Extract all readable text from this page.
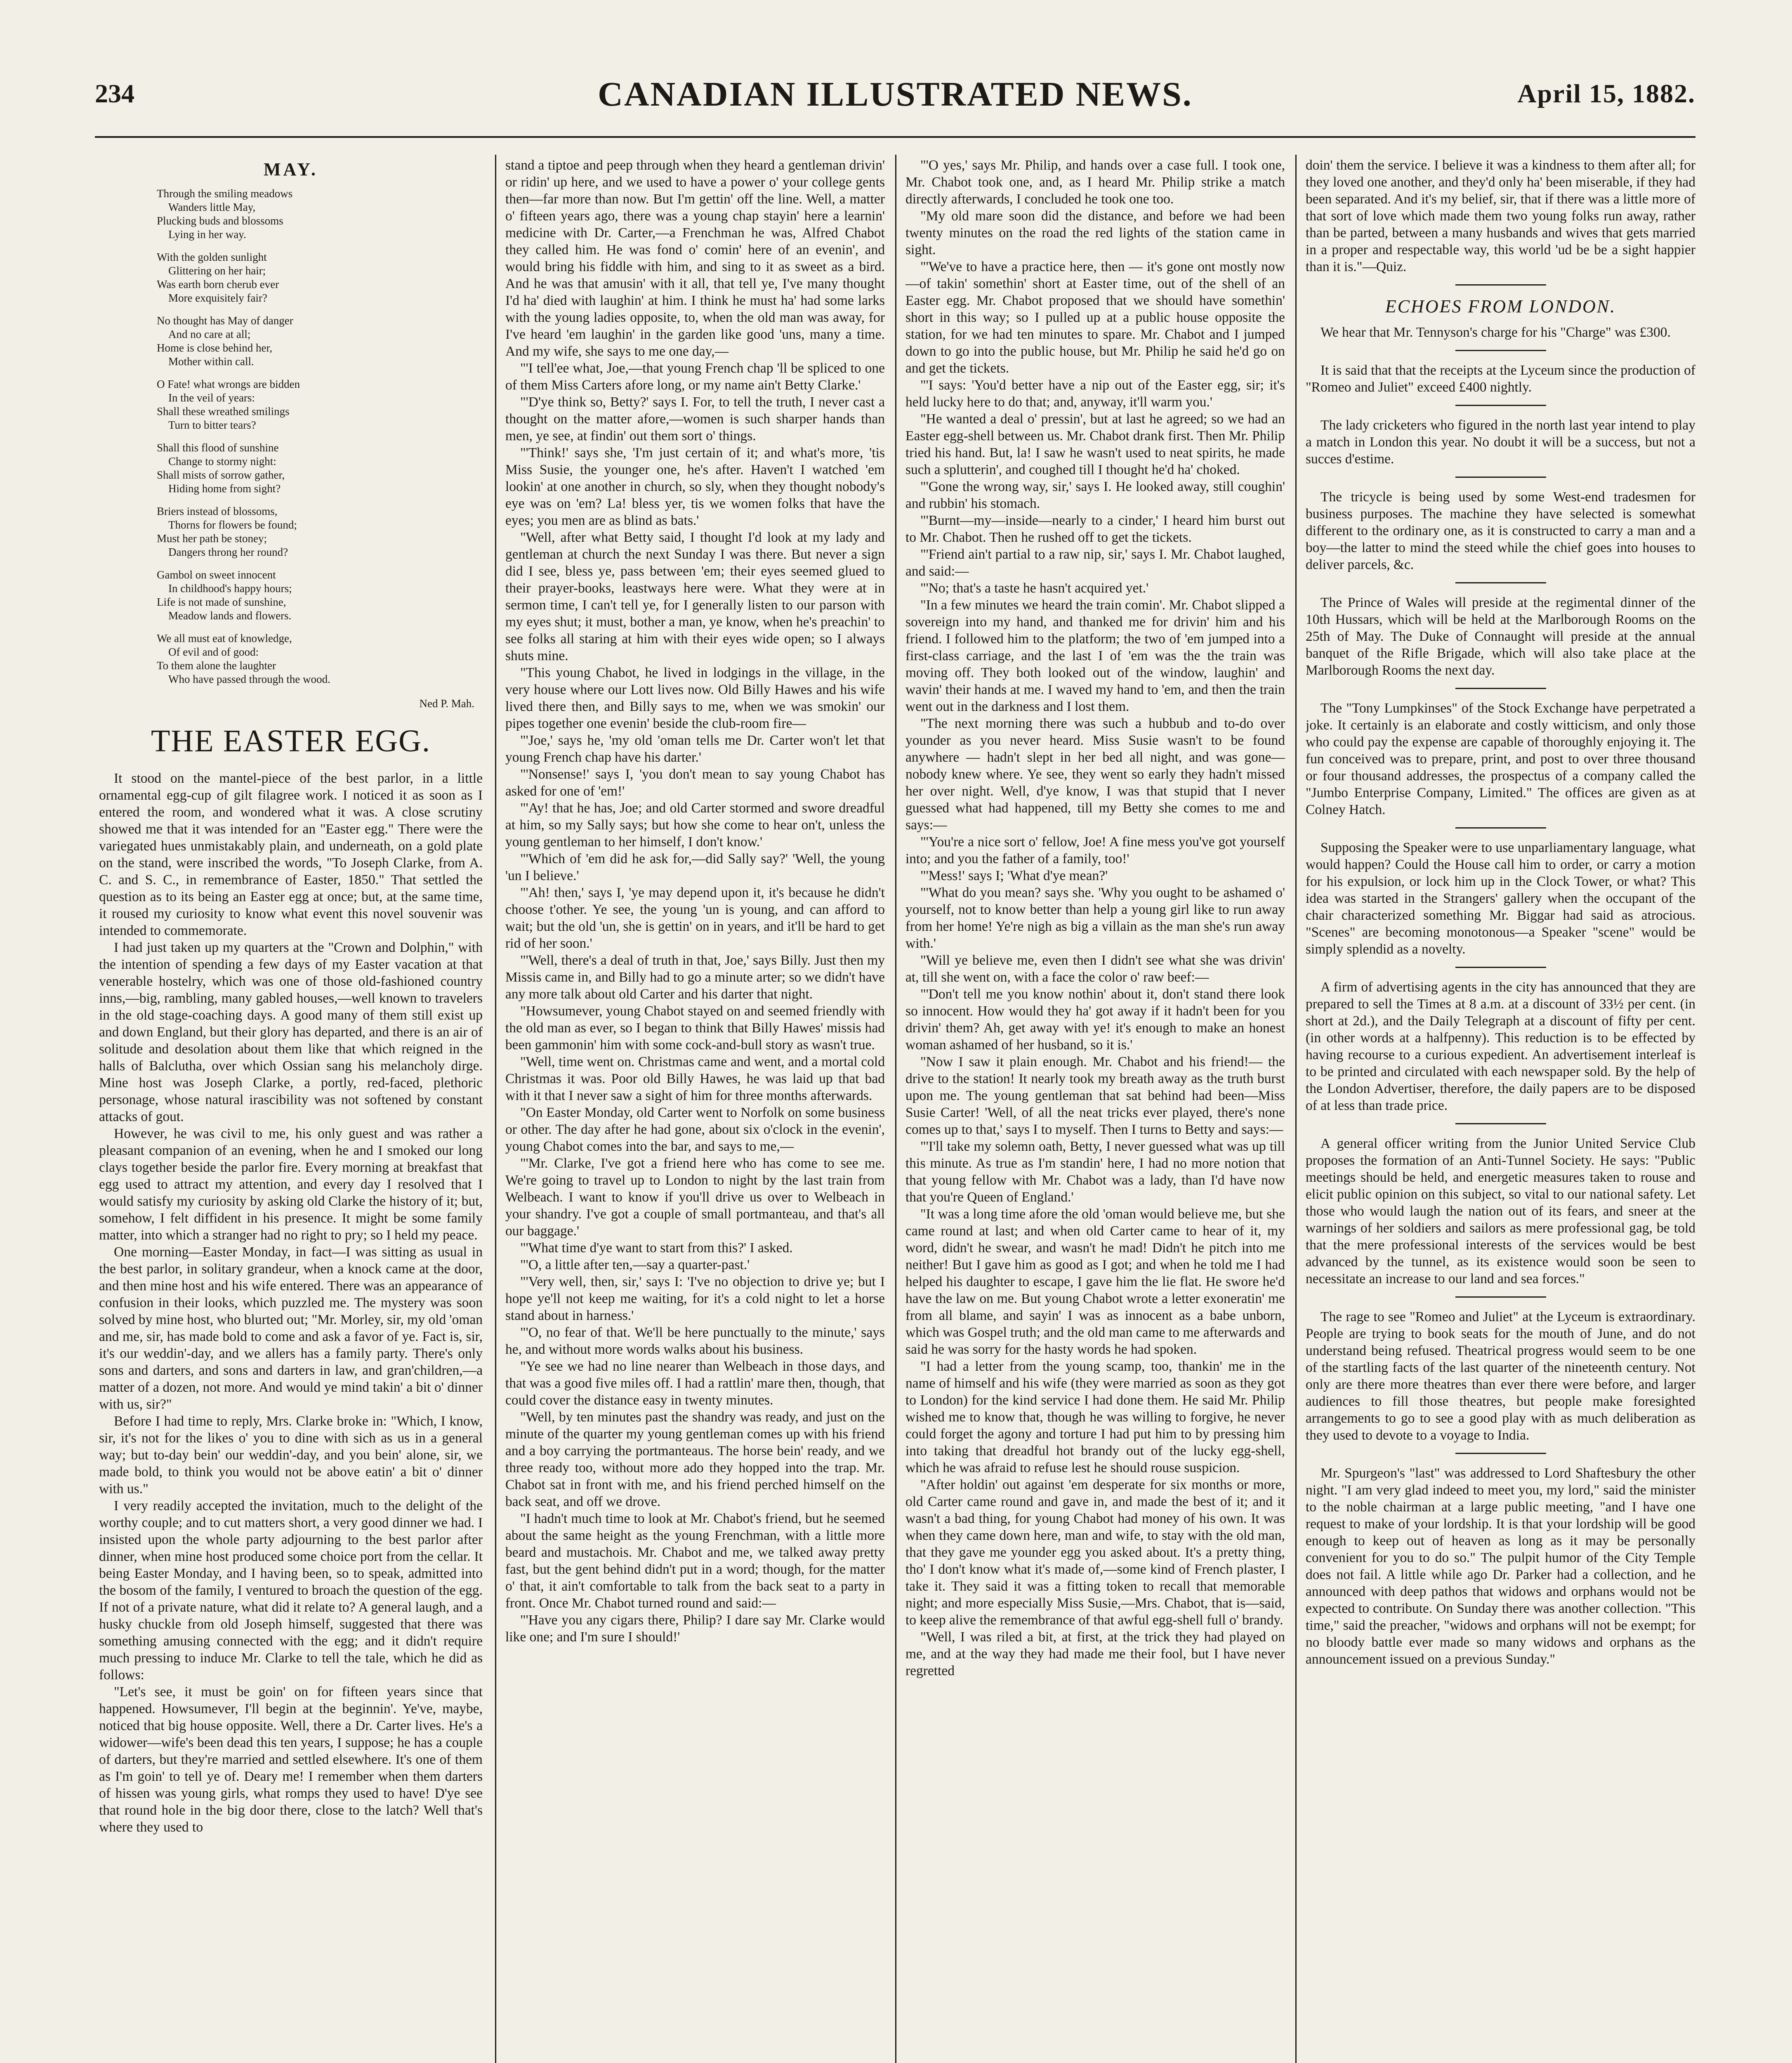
234	CANADIAN ILLUSTRATED NEWS.	April 15, 1882.
MAY.
Through the smiling meadows
Wanders little May,
Plucking buds and blossoms
Lying in her way.
With the golden sunlight
Glittering on her hair;
Was earth born cherub ever
More exquisitely fair?
No thought has May of danger
And no care at all;
Home is close behind her,
Mother within call.
O Fate! what wrongs are bidden
In the veil of years:
Shall these wreathed smilings
Turn to bitter tears?
Shall this flood of sunshine
Change to stormy night:
Shall mists of sorrow gather,
Hiding home from sight?
Briers instead of blossoms,
Thorns for flowers be found;
Must her path be stoney;
Dangers throng her round?
Gambol on sweet innocent
In childhood's happy hours;
Life is not made of sunshine,
Meadow lands and flowers.
We all must eat of knowledge,
Of evil and of good:
To them alone the laughter
Who have passed through the wood.
Ned P. Mah.
THE EASTER EGG.

It stood on the mantel-piece of the best parlor, in a little ornamental egg-cup of gilt filagree work. I noticed it as soon as I entered the room, and wondered what it was. A close scrutiny showed me that it was intended for an "Easter egg." There were the variegated hues unmistakably plain, and underneath, on a gold plate on the stand, were inscribed the words, "To Joseph Clarke, from A. C. and S. C., in remembrance of Easter, 1850." That settled the question as to its being an Easter egg at once; but, at the same time, it roused my curiosity to know what event this novel souvenir was intended to commemorate.

I had just taken up my quarters at the "Crown and Dolphin," with the intention of spending a few days of my Easter vacation at that venerable hostelry, which was one of those old-fashioned country inns,—big, rambling, many gabled houses,—well known to travelers in the old stage-coaching days. A good many of them still exist up and down England, but their glory has departed, and there is an air of solitude and desolation about them like that which reigned in the halls of Balclutha, over which Ossian sang his melancholy dirge. Mine host was Joseph Clarke, a portly, red-faced, plethoric personage, whose natural irascibility was not softened by constant attacks of gout.

However, he was civil to me, his only guest and was rather a pleasant companion of an evening, when he and I smoked our long clays together beside the parlor fire. Every morning at breakfast that egg used to attract my attention, and every day I resolved that I would satisfy my curiosity by asking old Clarke the history of it; but, somehow, I felt diffident in his presence. It might be some family matter, into which a stranger had no right to pry; so I held my peace.

One morning—Easter Monday, in fact—I was sitting as usual in the best parlor, in solitary grandeur, when a knock came at the door, and then mine host and his wife entered. There was an appearance of confusion in their looks, which puzzled me. The mystery was soon solved by mine host, who blurted out; "Mr. Morley, sir, my old 'oman and me, sir, has made bold to come and ask a favor of ye. Fact is, sir, it's our weddin'-day, and we allers has a family party. There's only sons and darters, and sons and darters in law, and gran'children,—a matter of a dozen, not more. And would ye mind takin' a bit o' dinner with us, sir?"

Before I had time to reply, Mrs. Clarke broke in: "Which, I know, sir, it's not for the likes o' you to dine with sich as us in a general way; but to-day bein' our weddin'-day, and you bein' alone, sir, we made bold, to think you would not be above eatin' a bit o' dinner with us."

I very readily accepted the invitation, much to the delight of the worthy couple; and to cut matters short, a very good dinner we had. I insisted upon the whole party adjourning to the best parlor after dinner, when mine host produced some choice port from the cellar. It being Easter Monday, and I having been, so to speak, admitted into the bosom of the family, I ventured to broach the question of the egg. If not of a private nature, what did it relate to? A general laugh, and a husky chuckle from old Joseph himself, suggested that there was something amusing connected with the egg; and it didn't require much pressing to induce Mr. Clarke to tell the tale, which he did as follows:

"Let's see, it must be goin' on for fifteen years since that happened. Howsumever, I'll begin at the beginnin'. Ye've, maybe, noticed that big house opposite. Well, there a Dr. Carter lives. He's a widower—wife's been dead this ten years, I suppose; he has a couple of darters, but they're married and settled elsewhere. It's one of them as I'm goin' to tell ye of. Deary me! I remember when them darters of hissen was young girls, what romps they used to have! D'ye see that round hole in the big door there, close to the latch? Well that's where they used to

stand a tiptoe and peep through when they heard a gentleman drivin' or ridin' up here, and we used to have a power o' your college gents then—far more than now. But I'm gettin' off the line. Well, a matter o' fifteen years ago, there was a young chap stayin' here a learnin' medicine with Dr. Carter,—a Frenchman he was, Alfred Chabot they called him. He was fond o' comin' here of an evenin', and would bring his fiddle with him, and sing to it as sweet as a bird. And he was that amusin' with it all, that tell ye, I've many thought I'd ha' died with laughin' at him. I think he must ha' had some larks with the young ladies opposite, to, when the old man was away, for I've heard 'em laughin' in the garden like good 'uns, many a time. And my wife, she says to me one day,—

"'I tell'ee what, Joe,—that young French chap 'll be spliced to one of them Miss Carters afore long, or my name ain't Betty Clarke.'

"'D'ye think so, Betty?' says I. For, to tell the truth, I never cast a thought on the matter afore,—women is such sharper hands than men, ye see, at findin' out them sort o' things.

"'Think!' says she, 'I'm just certain of it; and what's more, 'tis Miss Susie, the younger one, he's after. Haven't I watched 'em lookin' at one another in church, so sly, when they thought nobody's eye was on 'em? La! bless yer, tis we women folks that have the eyes; you men are as blind as bats.'

"Well, after what Betty said, I thought I'd look at my lady and gentleman at church the next Sunday I was there. But never a sign did I see, bless ye, pass between 'em; their eyes seemed glued to their prayer-books, leastways here were. What they were at in sermon time, I can't tell ye, for I generally listen to our parson with my eyes shut; it must, bother a man, ye know, when he's preachin' to see folks all staring at him with their eyes wide open; so I always shuts mine.

"This young Chabot, he lived in lodgings in the village, in the very house where our Lott lives now. Old Billy Hawes and his wife lived there then, and Billy says to me, when we was smokin' our pipes together one evenin' beside the club-room fire—

"'Joe,' says he, 'my old 'oman tells me Dr. Carter won't let that young French chap have his darter.'

"'Nonsense!' says I, 'you don't mean to say young Chabot has asked for one of 'em!'

"'Ay! that he has, Joe; and old Carter stormed and swore dreadful at him, so my Sally says; but how she come to hear on't, unless the young gentleman to her himself, I don't know.'

"'Which of 'em did he ask for,—did Sally say?' 'Well, the young 'un I believe.'

"'Ah! then,' says I, 'ye may depend upon it, it's because he didn't choose t'other. Ye see, the young 'un is young, and can afford to wait; but the old 'un, she is gettin' on in years, and it'll be hard to get rid of her soon.'

"'Well, there's a deal of truth in that, Joe,' says Billy. Just then my Missis came in, and Billy had to go a minute arter; so we didn't have any more talk about old Carter and his darter that night.

"Howsumever, young Chabot stayed on and seemed friendly with the old man as ever, so I began to think that Billy Hawes' missis had been gammonin' him with some cock-and-bull story as wasn't true.

"Well, time went on. Christmas came and went, and a mortal cold Christmas it was. Poor old Billy Hawes, he was laid up that bad with it that I never saw a sight of him for three months afterwards.

"On Easter Monday, old Carter went to Norfolk on some business or other. The day after he had gone, about six o'clock in the evenin', young Chabot comes into the bar, and says to me,—

"'Mr. Clarke, I've got a friend here who has come to see me. We're going to travel up to London to night by the last train from Welbeach. I want to know if you'll drive us over to Welbeach in your shandry. I've got a couple of small portmanteau, and that's all our baggage.'

"'What time d'ye want to start from this?' I asked.

"'O, a little after ten,—say a quarter-past.'

"'Very well, then, sir,' says I: 'I've no objection to drive ye; but I hope ye'll not keep me waiting, for it's a cold night to let a horse stand about in harness.'

"'O, no fear of that. We'll be here punctually to the minute,' says he, and without more words walks about his business.

"Ye see we had no line nearer than Welbeach in those days, and that was a good five miles off. I had a rattlin' mare then, though, that could cover the distance easy in twenty minutes.

"Well, by ten minutes past the shandry was ready, and just on the minute of the quarter my young gentleman comes up with his friend and a boy carrying the portmanteaus. The horse bein' ready, and we three ready too, without more ado they hopped into the trap. Mr. Chabot sat in front with me, and his friend perched himself on the back seat, and off we drove.

"I hadn't much time to look at Mr. Chabot's friend, but he seemed about the same height as the young Frenchman, with a little more beard and mustachois. Mr. Chabot and me, we talked away pretty fast, but the gent behind didn't put in a word; though, for the matter o' that, it ain't comfortable to talk from the back seat to a party in front. Once Mr. Chabot turned round and said:—

"'Have you any cigars there, Philip? I dare say Mr. Clarke would like one; and I'm sure I should!'

"'O yes,' says Mr. Philip, and hands over a case full. I took one, Mr. Chabot took one, and, as I heard Mr. Philip strike a match directly afterwards, I concluded he took one too.

"My old mare soon did the distance, and before we had been twenty minutes on the road the red lights of the station came in sight.

"'We've to have a practice here, then — it's gone ont mostly now—of takin' somethin' short at Easter time, out of the shell of an Easter egg. Mr. Chabot proposed that we should have somethin' short in this way; so I pulled up at a public house opposite the station, for we had ten minutes to spare. Mr. Chabot and I jumped down to go into the public house, but Mr. Philip he said he'd go on and get the tickets.

"'I says: 'You'd better have a nip out of the Easter egg, sir; it's held lucky here to do that; and, anyway, it'll warm you.'

"He wanted a deal o' pressin', but at last he agreed; so we had an Easter egg-shell between us. Mr. Chabot drank first. Then Mr. Philip tried his hand. But, la! I saw he wasn't used to neat spirits, he made such a splutterin', and coughed till I thought he'd ha' choked.

"'Gone the wrong way, sir,' says I. He looked away, still coughin' and rubbin' his stomach.

"'Burnt—my—inside—nearly to a cinder,' I heard him burst out to Mr. Chabot. Then he rushed off to get the tickets.

"'Friend ain't partial to a raw nip, sir,' says I. Mr. Chabot laughed, and said:—

"'No; that's a taste he hasn't acquired yet.'

"In a few minutes we heard the train comin'. Mr. Chabot slipped a sovereign into my hand, and thanked me for drivin' him and his friend. I followed him to the platform; the two of 'em jumped into a first-class carriage, and the last I of 'em was the the train was moving off. They both looked out of the window, laughin' and wavin' their hands at me. I waved my hand to 'em, and then the train went out in the darkness and I lost them.

"The next morning there was such a hubbub and to-do over younder as you never heard. Miss Susie wasn't to be found anywhere — hadn't slept in her bed all night, and was gone—nobody knew where. Ye see, they went so early they hadn't missed her over night. Well, d'ye know, I was that stupid that I never guessed what had happened, till my Betty she comes to me and says:—

"'You're a nice sort o' fellow, Joe! A fine mess you've got yourself into; and you the father of a family, too!'

"'Mess!' says I; 'What d'ye mean?'

"'What do you mean? says she. 'Why you ought to be ashamed o' yourself, not to know better than help a young girl like to run away from her home! Ye're nigh as big a villain as the man she's run away with.'

"Will ye believe me, even then I didn't see what she was drivin' at, till she went on, with a face the color o' raw beef:—

"'Don't tell me you know nothin' about it, don't stand there look so innocent. How would they ha' got away if it hadn't been for you drivin' them? Ah, get away with ye! it's enough to make an honest woman ashamed of her husband, so it is.'

"Now I saw it plain enough. Mr. Chabot and his friend!— the drive to the station! It nearly took my breath away as the truth burst upon me. The young gentleman that sat behind had been—Miss Susie Carter! 'Well, of all the neat tricks ever played, there's none comes up to that,' says I to myself. Then I turns to Betty and says:—

"'I'll take my solemn oath, Betty, I never guessed what was up till this minute. As true as I'm standin' here, I had no more notion that that young fellow with Mr. Chabot was a lady, than I'd have now that you're Queen of England.'

"It was a long time afore the old 'oman would believe me, but she came round at last; and when old Carter came to hear of it, my word, didn't he swear, and wasn't he mad! Didn't he pitch into me neither! But I gave him as good as I got; and when he told me I had helped his daughter to escape, I gave him the lie flat. He swore he'd have the law on me. But young Chabot wrote a letter exoneratin' me from all blame, and sayin' I was as innocent as a babe unborn, which was Gospel truth; and the old man came to me afterwards and said he was sorry for the hasty words he had spoken.

"I had a letter from the young scamp, too, thankin' me in the name of himself and his wife (they were married as soon as they got to London) for the kind service I had done them. He said Mr. Philip wished me to know that, though he was willing to forgive, he never could forget the agony and torture I had put him to by pressing him into taking that dreadful hot brandy out of the lucky egg-shell, which he was afraid to refuse lest he should rouse suspicion.

"After holdin' out against 'em desperate for six months or more, old Carter came round and gave in, and made the best of it; and it wasn't a bad thing, for young Chabot had money of his own. It was when they came down here, man and wife, to stay with the old man, that they gave me younder egg you asked about. It's a pretty thing, tho' I don't know what it's made of,—some kind of French plaster, I take it. They said it was a fitting token to recall that memorable night; and more especially Miss Susie,—Mrs. Chabot, that is—said, to keep alive the remembrance of that awful egg-shell full o' brandy.

"Well, I was riled a bit, at first, at the trick they had played on me, and at the way they had made me their fool, but I have never regretted

doin' them the service. I believe it was a kindness to them after all; for they loved one another, and they'd only ha' been miserable, if they had been separated. And it's my belief, sir, that if there was a little more of that sort of love which made them two young folks run away, rather than be parted, between a many husbands and wives that gets married in a proper and respectable way, this world 'ud be be a sight happier than it is."—Quiz.

ECHOES FROM LONDON.

We hear that Mr. Tennyson's charge for his "Charge" was £300.

It is said that that the receipts at the Lyceum since the production of "Romeo and Juliet" exceed £400 nightly.

The lady cricketers who figured in the north last year intend to play a match in London this year. No doubt it will be a success, but not a succes d'estime.

The tricycle is being used by some West-end tradesmen for business purposes. The machine they have selected is somewhat different to the ordinary one, as it is constructed to carry a man and a boy—the latter to mind the steed while the chief goes into houses to deliver parcels, &c.

The Prince of Wales will preside at the regimental dinner of the 10th Hussars, which will be held at the Marlborough Rooms on the 25th of May. The Duke of Connaught will preside at the annual banquet of the Rifle Brigade, which will also take place at the Marlborough Rooms the next day.

The "Tony Lumpkinses" of the Stock Exchange have perpetrated a joke. It certainly is an elaborate and costly witticism, and only those who could pay the expense are capable of thoroughly enjoying it. The fun conceived was to prepare, print, and post to over three thousand or four thousand addresses, the prospectus of a company called the "Jumbo Enterprise Company, Limited." The offices are given as at Colney Hatch.

Supposing the Speaker were to use unparliamentary language, what would happen? Could the House call him to order, or carry a motion for his expulsion, or lock him up in the Clock Tower, or what? This idea was started in the Strangers' gallery when the occupant of the chair characterized something Mr. Biggar had said as atrocious. "Scenes" are becoming monotonous—a Speaker "scene" would be simply splendid as a novelty.

A firm of advertising agents in the city has announced that they are prepared to sell the Times at 8 a.m. at a discount of 33½ per cent. (in short at 2d.), and the Daily Telegraph at a discount of fifty per cent. (in other words at a halfpenny). This reduction is to be effected by having recourse to a curious expedient. An advertisement interleaf is to be printed and circulated with each newspaper sold. By the help of the London Advertiser, therefore, the daily papers are to be disposed of at less than trade price.

A general officer writing from the Junior United Service Club proposes the formation of an Anti-Tunnel Society. He says: "Public meetings should be held, and energetic measures taken to rouse and elicit public opinion on this subject, so vital to our national safety. Let those who would laugh the nation out of its fears, and sneer at the warnings of her soldiers and sailors as mere professional gag, be told that the mere professional interests of the services would be best advanced by the tunnel, as its existence would soon be seen to necessitate an increase to our land and sea forces."

The rage to see "Romeo and Juliet" at the Lyceum is extraordinary. People are trying to book seats for the mouth of June, and do not understand being refused. Theatrical progress would seem to be one of the startling facts of the last quarter of the nineteenth century. Not only are there more theatres than ever there were before, and larger audiences to fill those theatres, but people make foresighted arrangements to go to see a good play with as much deliberation as they used to devote to a voyage to India.

Mr. Spurgeon's "last" was addressed to Lord Shaftesbury the other night. "I am very glad indeed to meet you, my lord," said the minister to the noble chairman at a large public meeting, "and I have one request to make of your lordship. It is that your lordship will be good enough to keep out of heaven as long as it may be personally convenient for you to do so." The pulpit humor of the City Temple does not fail. A little while ago Dr. Parker had a collection, and he announced with deep pathos that widows and orphans would not be expected to contribute. On Sunday there was another collection. "This time," said the preacher, "widows and orphans will not be exempt; for no bloody battle ever made so many widows and orphans as the announcement issued on a previous Sunday."
